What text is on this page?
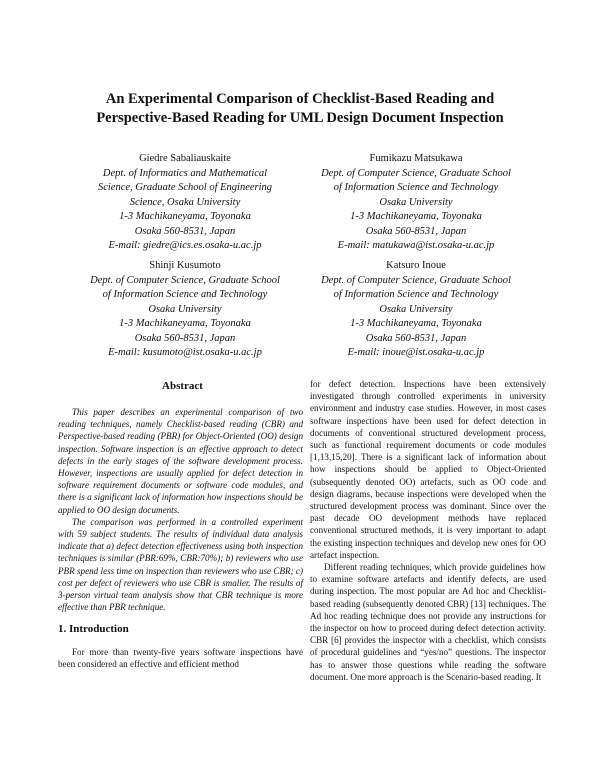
An Experimental Comparison of Checklist-Based Reading and
Perspective-Based Reading for UML Design Document Inspection
Giedre Sabaliauskaite
Dept. of Informatics and Mathematical
Science, Graduate School of Engineering
Science, Osaka University
1-3 Machikaneyama, Toyonaka
Osaka 560-8531, Japan
E-mail: giedre@ics.es.osaka-u.ac.jp
Fumikazu Matsukawa
Dept. of Computer Science, Graduate School
of Information Science and Technology
Osaka University
1-3 Machikaneyama, Toyonaka
Osaka 560-8531, Japan
E-mail: matukawa@ist.osaka-u.ac.jp
Shinji Kusumoto
Dept. of Computer Science, Graduate School
of Information Science and Technology
Osaka University
1-3 Machikaneyama, Toyonaka
Osaka 560-8531, Japan
E-mail: kusumoto@ist.osaka-u.ac.jp
Katsuro Inoue
Dept. of Computer Science, Graduate School
of Information Science and Technology
Osaka University
1-3 Machikaneyama, Toyonaka
Osaka 560-8531, Japan
E-mail: inoue@ist.osaka-u.ac.jp
Abstract

This paper describes an experimental comparison of two reading techniques, namely Checklist-based reading (CBR) and Perspective-based reading (PBR) for Object-Oriented (OO) design inspection. Software inspection is an effective approach to detect defects in the early stages of the software development process. However, inspections are usually applied for defect detection in software requirement documents or software code modules, and there is a significant lack of information how inspections should be applied to OO design documents.

The comparison was performed in a controlled experiment with 59 subject students. The results of individual data analysis indicate that a) defect detection effectiveness using both inspection techniques is similar (PBR:69%, CBR:70%); b) reviewers who use PBR spend less time on inspection than reviewers who use CBR; c) cost per defect of reviewers who use CBR is smaller. The results of 3-person virtual team analysis show that CBR technique is more effective than PBR technique.

1. Introduction

For more than twenty-five years software inspections have been considered an effective and efficient method

for defect detection. Inspections have been extensively investigated through controlled experiments in university environment and industry case studies. However, in most cases software inspections have been used for defect detection in documents of conventional structured development process, such as functional requirement documents or code modules [1,13,15,20]. There is a significant lack of information about how inspections should be applied to Object-Oriented (subsequently denoted OO) artefacts, such as OO code and design diagrams, because inspections were developed when the structured development process was dominant. Since over the past decade OO development methods have replaced conventional structured methods, it is very important to adapt the existing inspection techniques and develop new ones for OO artefact inspection.

Different reading techniques, which provide guidelines how to examine software artefacts and identify defects, are used during inspection. The most popular are Ad hoc and Checklist-based reading (subsequently denoted CBR) [13] techniques. The Ad hoc reading technique does not provide any instructions for the inspector on how to proceed during defect detection activity. CBR [6] provides the inspector with a checklist, which consists of procedural guidelines and “yes/no” questions. The inspector has to answer those questions while reading the software document. One more approach is the Scenario-based reading. It
